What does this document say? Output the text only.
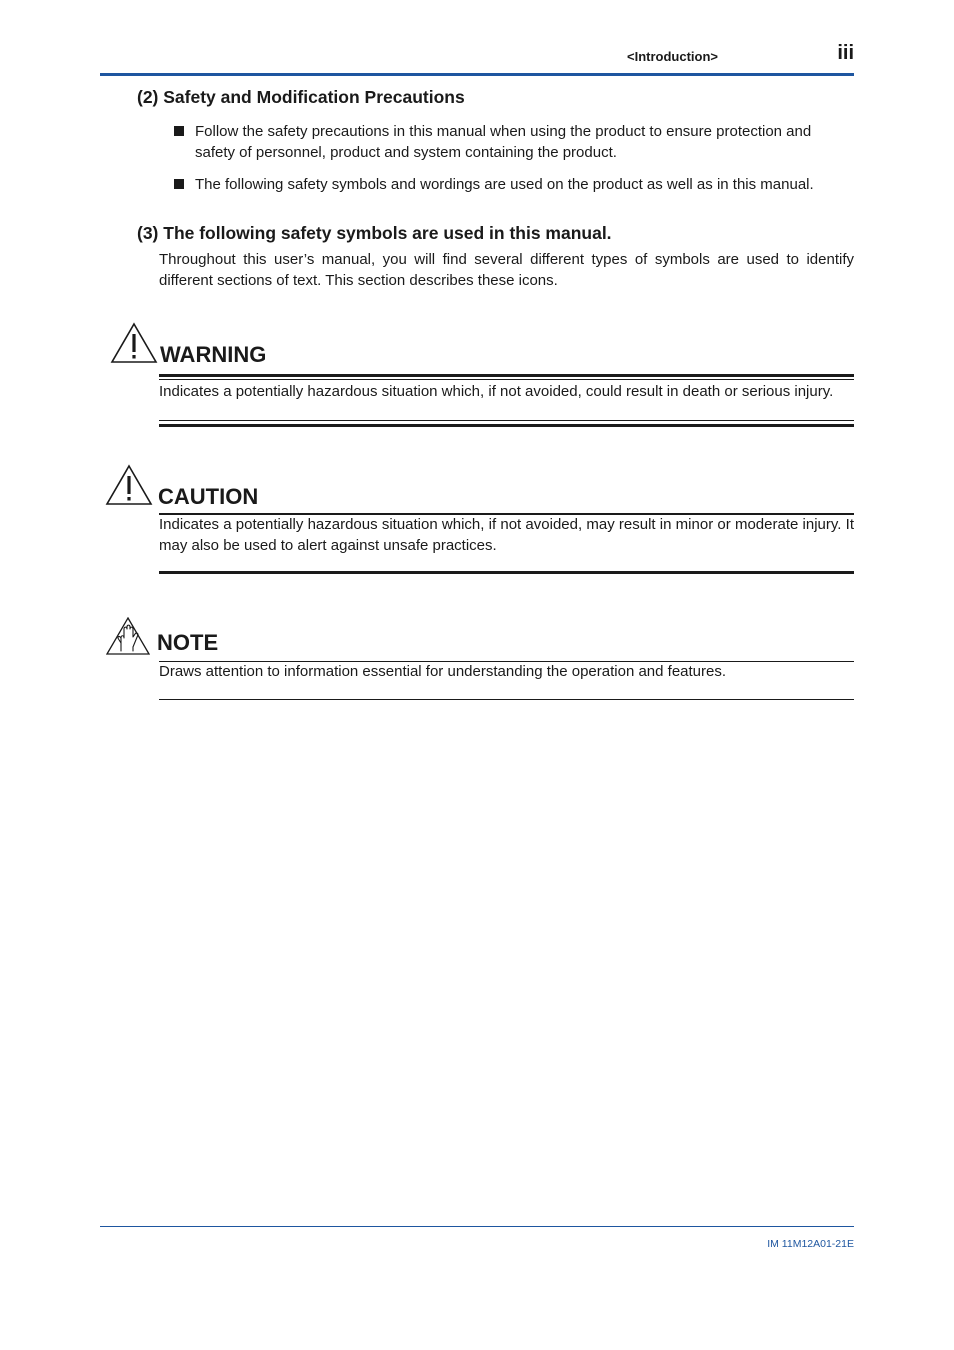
<Introduction>	iii
(2) Safety and Modification Precautions
Follow the safety precautions in this manual when using the product to ensure protection and safety of personnel, product and system containing the product.
The following safety symbols and wordings are used on the product as well as in this manual.
(3) The following safety symbols are used in this manual.
Throughout this user’s manual, you will find several different types of symbols are used to identify different sections of text. This section describes these icons.
WARNING
Indicates a potentially hazardous situation which, if not avoided, could result in death or serious injury.
CAUTION
Indicates a potentially hazardous situation which, if not avoided, may result in minor or moderate injury. It may also be used to alert against unsafe practices.
NOTE
Draws attention to information essential for understanding the operation and features.
IM 11M12A01-21E
